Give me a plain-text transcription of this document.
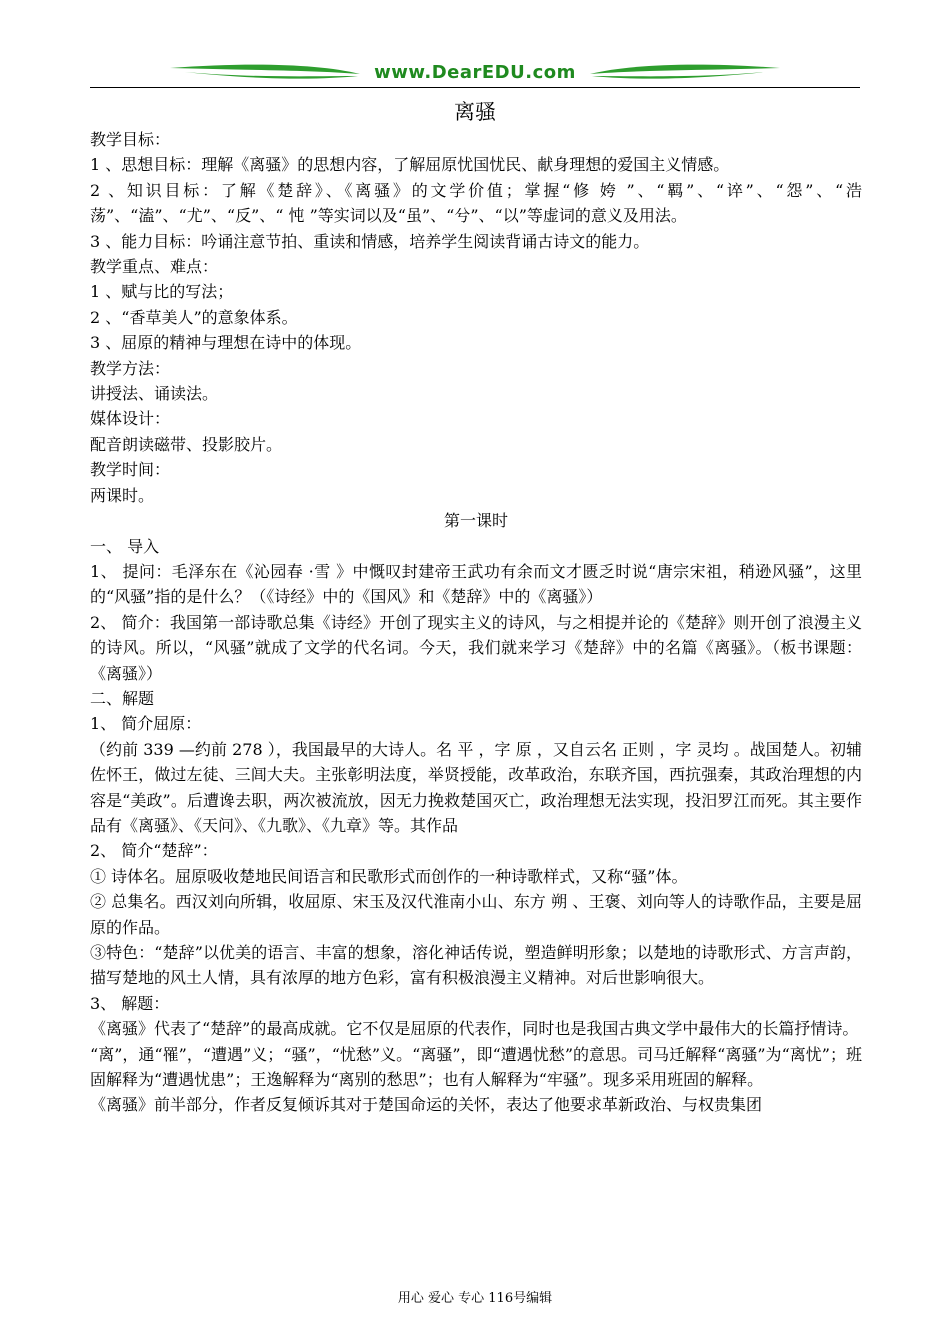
www.DearEDU.com
离骚

教学目标：

1 、思想目标：理解《离骚》的思想内容，了解屈原忧国忧民、献身理想的爱国主义情感。

2 、知识目标：了解《楚辞》、《离骚》的文学价值；掌握“修 姱 ”、“羁”、“谇”、“怨”、“浩荡”、“溘”、“尤”、“反”、“ 忳 ”等实词以及“虽”、“兮”、“以”等虚词的意义及用法。

3 、能力目标：吟诵注意节拍、重读和情感，培养学生阅读背诵古诗文的能力。

教学重点、难点：

1 、赋与比的写法；

2 、“香草美人”的意象体系。

3 、屈原的精神与理想在诗中的体现。

教学方法：

讲授法、诵读法。

媒体设计：

配音朗读磁带、投影胶片。

教学时间：

两课时。

第一课时

一、 导入

1、 提问：毛泽东在《沁园春 ·雪 》中慨叹封建帝王武功有余而文才匮乏时说“唐宗宋祖，稍逊风骚”，这里的“风骚”指的是什么？（《诗经》中的《国风》和《楚辞》中的《离骚》）

2、 简介：我国第一部诗歌总集《诗经》开创了现实主义的诗风，与之相提并论的《楚辞》则开创了浪漫主义的诗风。所以，“风骚”就成了文学的代名词。今天，我们就来学习《楚辞》中的名篇《离骚》。（板书课题：《离骚》）

二、解题

1、 简介屈原：

（约前 339 —约前 278 ），我国最早的大诗人。名 平 ，字 原 ，又自云名 正则 ，字 灵均 。战国楚人。初辅佐怀王，做过左徒、三闾大夫。主张彰明法度，举贤授能，改革政治，东联齐国，西抗强秦，其政治理想的内容是“美政”。后遭谗去职，两次被流放，因无力挽救楚国灭亡，政治理想无法实现，投汨罗江而死。其主要作品有《离骚》、《天问》、《九歌》、《九章》等。其作品

2、 简介“楚辞”：

① 诗体名。屈原吸收楚地民间语言和民歌形式而创作的一种诗歌样式，又称“骚”体。

② 总集名。西汉刘向所辑，收屈原、宋玉及汉代淮南小山、东方 朔 、王褒、刘向等人的诗歌作品，主要是屈原的作品。

③特色：“楚辞”以优美的语言、丰富的想象，溶化神话传说，塑造鲜明形象；以楚地的诗歌形式、方言声韵，描写楚地的风土人情，具有浓厚的地方色彩，富有积极浪漫主义精神。对后世影响很大。

3、 解题：

《离骚》代表了“楚辞”的最高成就。它不仅是屈原的代表作，同时也是我国古典文学中最伟大的长篇抒情诗。

“离”，通“罹”，“遭遇”义；“骚”，“忧愁”义。“离骚”，即“遭遇忧愁”的意思。司马迁解释“离骚”为“离忧”；班固解释为“遭遇忧患”；王逸解释为“离别的愁思”；也有人解释为“牢骚”。现多采用班固的解释。

《离骚》前半部分，作者反复倾诉其对于楚国命运的关怀，表达了他要求革新政治、与权贵集团

用心 爱心 专心 116号编辑
